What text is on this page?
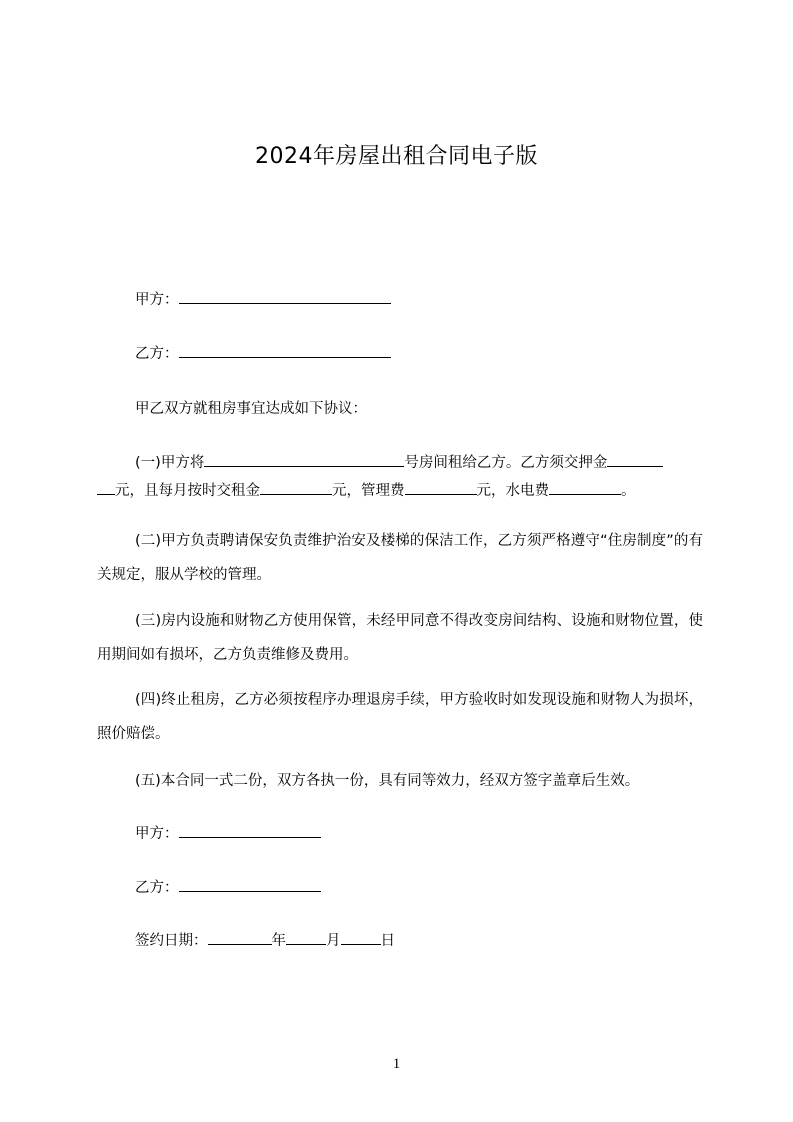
2024年房屋出租合同电子版
甲方：
乙方：
甲乙双方就租房事宜达成如下协议：
(一)甲方将	号房间租给乙方。乙方须交押金
元，且每月按时交租金	元，管理费	元，水电费	。
(二)甲方负责聘请保安负责维护治安及楼梯的保洁工作，乙方须严格遵守“住房制度”的有关规定，服从学校的管理。
(三)房内设施和财物乙方使用保管，未经甲同意不得改变房间结构、设施和财物位置，使用期间如有损坏，乙方负责维修及费用。
(四)终止租房，乙方必须按程序办理退房手续，甲方验收时如发现设施和财物人为损坏，照价赔偿。
(五)本合同一式二份，双方各执一份，具有同等效力，经双方签字盖章后生效。
甲方：
乙方：
签约日期：	年	月	日
1
